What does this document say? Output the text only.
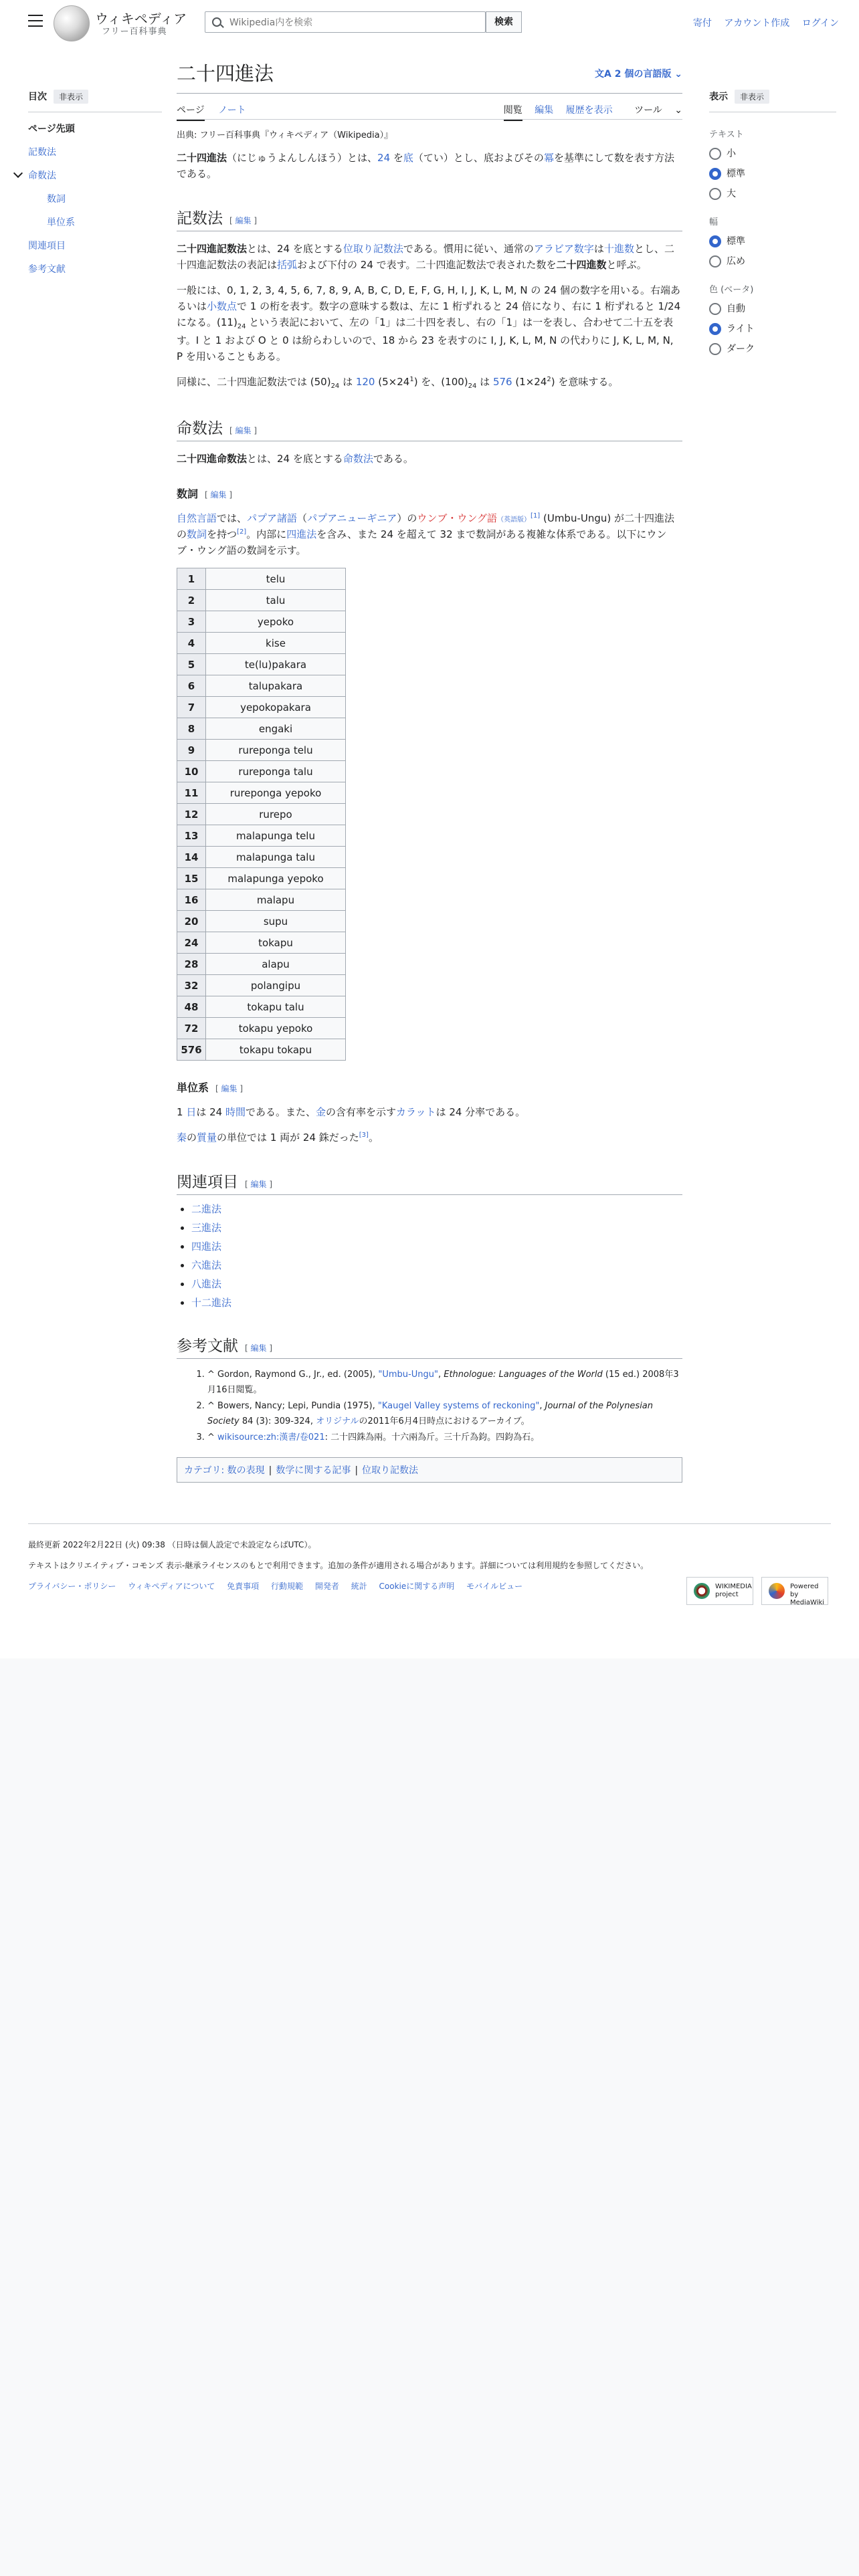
ウィキペディア
フリー百科事典
Wikipedia内を検索
検索	寄付 アカウント作成 ログイン
目次 非表示
ページ先頭
記数法
命数法
数詞
単位系
関連項目
参考文献
二十四進法	文A 2 個の言語版 ⌄
ページ ノート	閲覧 編集 履歴を表示 ツール ⌄
出典: フリー百科事典『ウィキペディア（Wikipedia）』

二十四進法（にじゅうよんしんほう）とは、24 を底（てい）とし、底およびその冪を基準にして数を表す方法である。

記数法 [ 編集 ]

二十四進記数法とは、24 を底とする位取り記数法である。慣用に従い、通常のアラビア数字は十進数とし、二十四進記数法の表記は括弧および下付の 24 で表す。二十四進記数法で表された数を二十四進数と呼ぶ。

一般には、0, 1, 2, 3, 4, 5, 6, 7, 8, 9, A, B, C, D, E, F, G, H, I, J, K, L, M, N の 24 個の数字を用いる。右端あるいは小数点で 1 の桁を表す。数字の意味する数は、左に 1 桁ずれると 24 倍になり、右に 1 桁ずれると 1/24 になる。$(11)_{24}$ という表記において、左の「1」は二十四を表し、右の「1」は一を表し、合わせて二十五を表す。I と 1 および O と 0 は紛らわしいので、18 から 23 を表すのに I, J, K, L, M, N の代わりに J, K, L, M, N, P を用いることもある。

同様に、二十四進記数法では $(50)_{24}$ は 120 $(5\times 24^1)$ を、$(100)_{24}$ は 576 $(1\times 24^2)$ を意味する。

命数法 [ 編集 ]

二十四進命数法とは、24 を底とする命数法である。

数詞 [ 編集 ]

自然言語では、パプア諸語（パプアニューギニア）のウンブ・ウング語（英語版）[1] (Umbu-Ungu) が二十四進法の数詞を持つ[2]。内部に四進法を含み、また 24 を超えて 32 まで数詞がある複雑な体系である。以下にウンブ・ウング語の数詞を示す。

1	telu
2	talu
3	yepoko
4	kise
5	te(lu)pakara
6	talupakara
7	yepokopakara
8	engaki
9	rureponga telu
10	rureponga talu
11	rureponga yepoko
12	rurepo
13	malapunga telu
14	malapunga talu
15	malapunga yepoko
16	malapu
20	supu
24	tokapu
28	alapu
32	polangipu
48	tokapu talu
72	tokapu yepoko
576	tokapu tokapu
単位系 [ 編集 ]

1 日は 24 時間である。また、金の含有率を示すカラットは 24 分率である。

秦の質量の単位では 1 両が 24 銖だった[3]。

関連項目 [ 編集 ]
• 二進法
• 三進法
• 四進法
• 六進法
• 八進法
• 十二進法
参考文献 [ 編集 ]
1. ^ Gordon, Raymond G., Jr., ed. (2005), "Umbu-Ungu", Ethnologue: Languages of the World (15 ed.) 2008年3月16日閲覧。
2. ^ Bowers, Nancy; Lepi, Pundia (1975), "Kaugel Valley systems of reckoning", Journal of the Polynesian Society 84 (3): 309-324, オリジナルの2011年6月4日時点におけるアーカイブ。
3. ^ wikisource:zh:漢書/卷021: 二十四銖為兩。十六兩為斤。三十斤為鈞。四鈞為石。
カテゴリ: 数の表現 | 数学に関する記事 | 位取り記数法
表示 非表示
テキスト
小
標準
大
幅
標準
広め
色 (ベータ)
自動
ライト
ダーク
最終更新 2022年2月22日 (火) 09:38 （日時は個人設定で未設定ならばUTC）。
テキストはクリエイティブ・コモンズ 表示-継承ライセンスのもとで利用できます。追加の条件が適用される場合があります。詳細については利用規約を参照してください。
プライバシー・ポリシー ウィキペディアについて 免責事項 行動規範 開発者 統計 Cookieに関する声明 モバイルビュー	WIKIMEDIA project
Powered by MediaWiki
